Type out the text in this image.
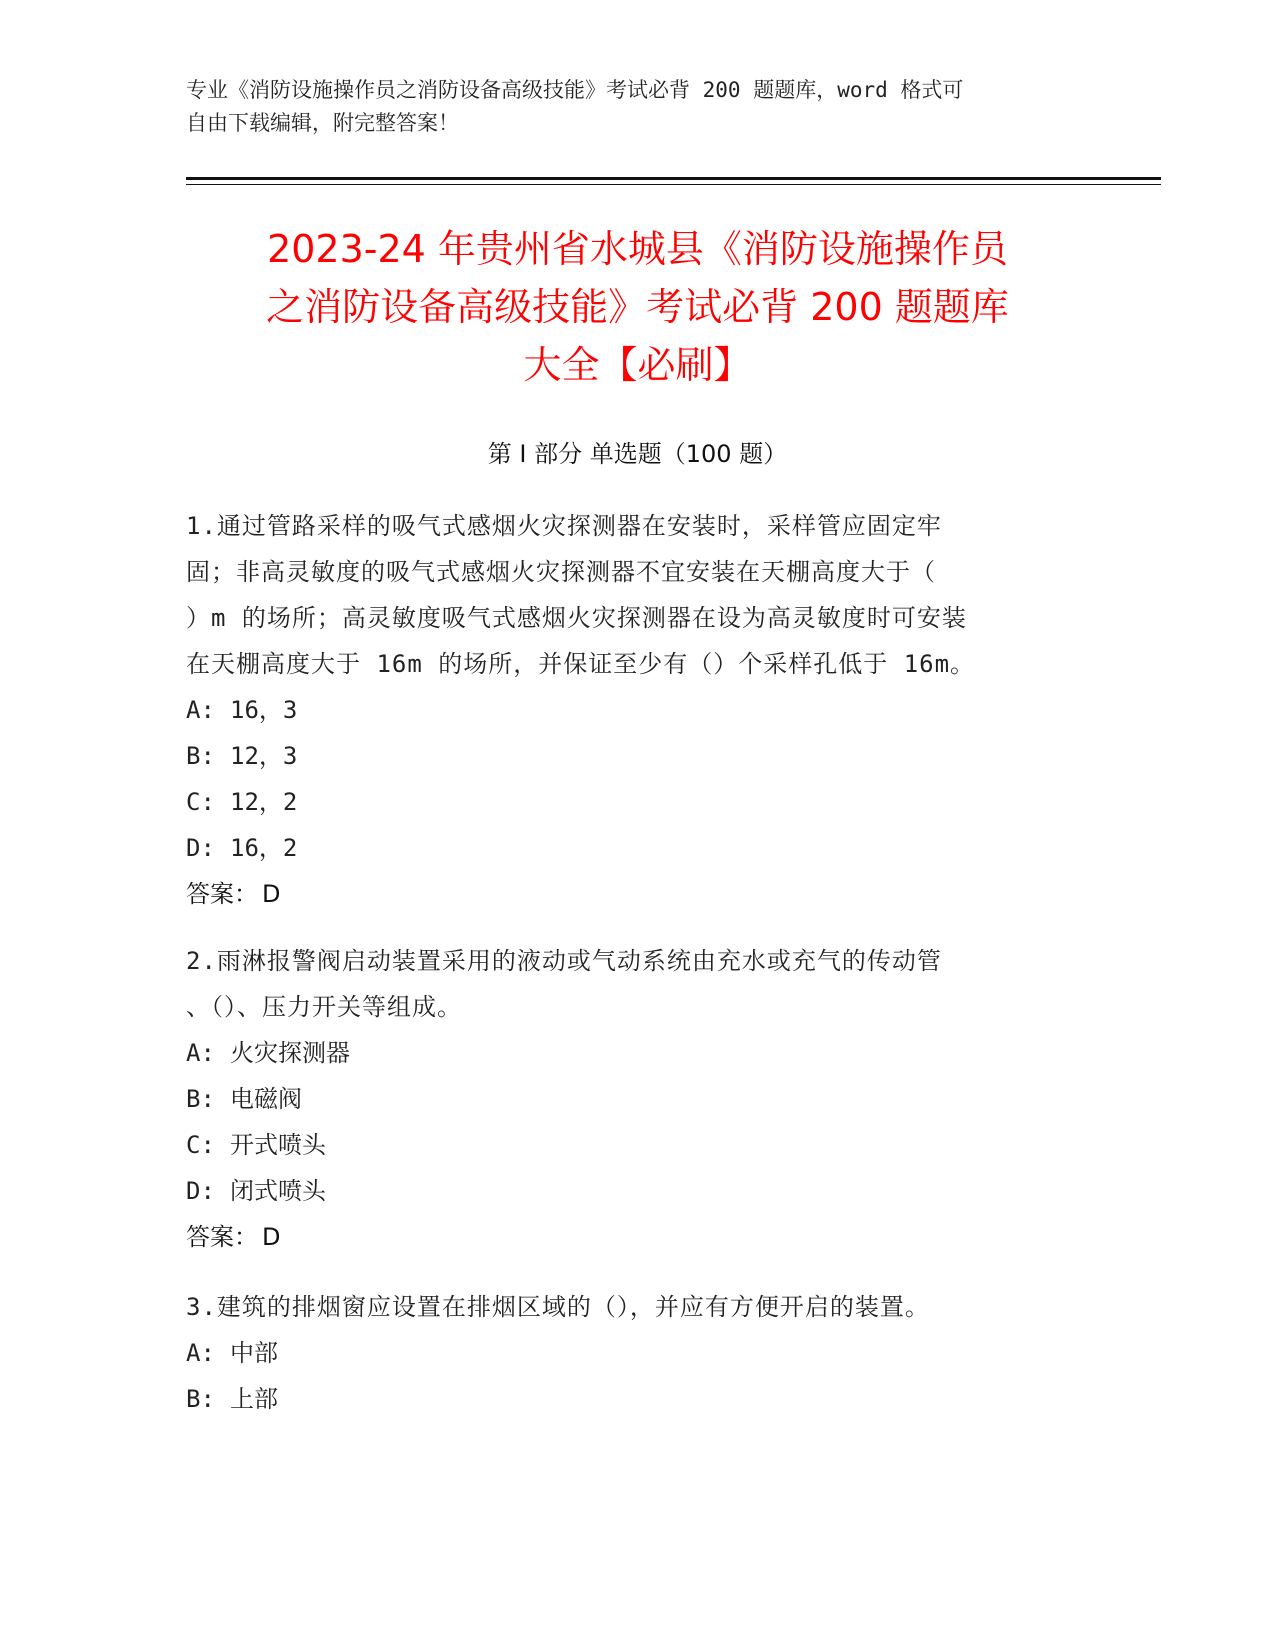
专业《消防设施操作员之消防设备高级技能》考试必背 200 题题库，word 格式可
自由下载编辑，附完整答案！
2023-24 年贵州省水城县《消防设施操作员
之消防设备高级技能》考试必背 200 题题库
大全【必刷】
第 I 部分 单选题（100 题）
1.通过管路采样的吸气式感烟火灾探测器在安装时，采样管应固定牢
固；非高灵敏度的吸气式感烟火灾探测器不宜安装在天棚高度大于（
）m 的场所；高灵敏度吸气式感烟火灾探测器在设为高灵敏度时可安装
在天棚高度大于 16m 的场所，并保证至少有（）个采样孔低于 16m。
A: 16，3
B: 12，3
C: 12，2
D: 16，2
答案： D
2.雨淋报警阀启动装置采用的液动或气动系统由充水或充气的传动管
、（）、压力开关等组成。
A: 火灾探测器
B: 电磁阀
C: 开式喷头
D: 闭式喷头
答案： D
3.建筑的排烟窗应设置在排烟区域的（），并应有方便开启的装置。
A: 中部
B: 上部
